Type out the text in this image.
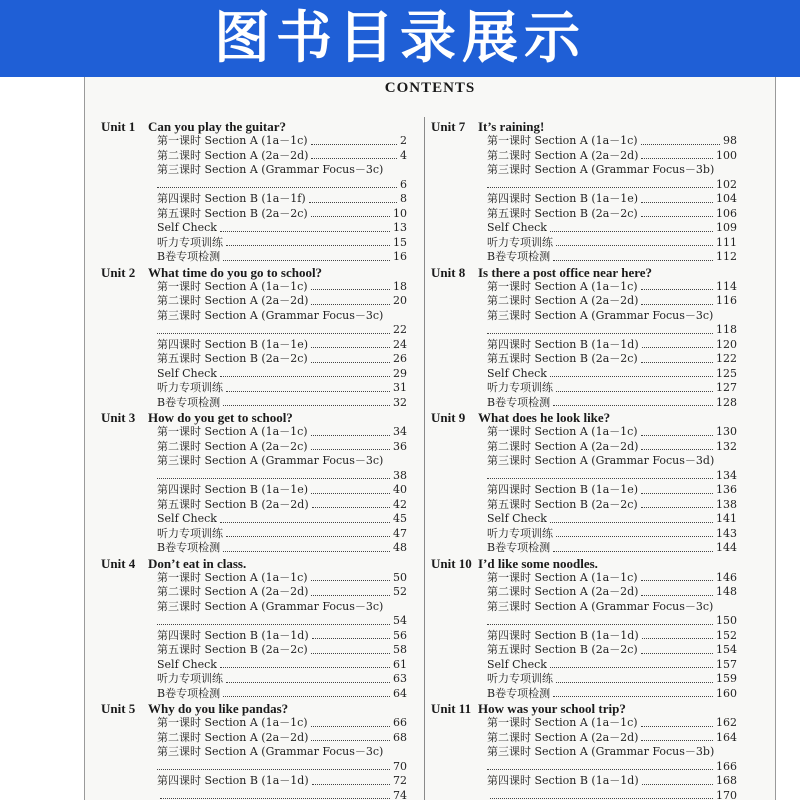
图书目录展示
CONTENTS
Unit 1 Can you play the guitar?
第一课时 Section A (1a－1c)	2
第二课时 Section A (2a－2d)	4
第三课时 Section A (Grammar Focus－3c)
6
第四课时 Section B (1a－1f)	8
第五课时 Section B (2a－2c)	10
Self Check	13
听力专项训练	15
B卷专项检测	16
Unit 2 What time do you go to school?
第一课时 Section A (1a－1c)	18
第二课时 Section A (2a－2d)	20
第三课时 Section A (Grammar Focus－3c)
22
第四课时 Section B (1a－1e)	24
第五课时 Section B (2a－2c)	26
Self Check	29
听力专项训练	31
B卷专项检测	32
Unit 3 How do you get to school?
第一课时 Section A (1a－1c)	34
第二课时 Section A (2a－2c)	36
第三课时 Section A (Grammar Focus－3c)
38
第四课时 Section B (1a－1e)	40
第五课时 Section B (2a－2d)	42
Self Check	45
听力专项训练	47
B卷专项检测	48
Unit 4 Don’t eat in class.
第一课时 Section A (1a－1c)	50
第二课时 Section A (2a－2d)	52
第三课时 Section A (Grammar Focus－3c)
54
第四课时 Section B (1a－1d)	56
第五课时 Section B (2a－2c)	58
Self Check	61
听力专项训练	63
B卷专项检测	64
Unit 5 Why do you like pandas?
第一课时 Section A (1a－1c)	66
第二课时 Section A (2a－2d)	68
第三课时 Section A (Grammar Focus－3c)
70
第四课时 Section B (1a－1d)	72
74
Unit 7 It’s raining!
第一课时 Section A (1a－1c)	98
第二课时 Section A (2a－2d)	100
第三课时 Section A (Grammar Focus－3b)
102
第四课时 Section B (1a－1e)	104
第五课时 Section B (2a－2c)	106
Self Check	109
听力专项训练	111
B卷专项检测	112
Unit 8 Is there a post office near here?
第一课时 Section A (1a－1c)	114
第二课时 Section A (2a－2d)	116
第三课时 Section A (Grammar Focus－3c)
118
第四课时 Section B (1a－1d)	120
第五课时 Section B (2a－2c)	122
Self Check	125
听力专项训练	127
B卷专项检测	128
Unit 9 What does he look like?
第一课时 Section A (1a－1c)	130
第二课时 Section A (2a－2d)	132
第三课时 Section A (Grammar Focus－3d)
134
第四课时 Section B (1a－1e)	136
第五课时 Section B (2a－2c)	138
Self Check	141
听力专项训练	143
B卷专项检测	144
Unit 10 I’d like some noodles.
第一课时 Section A (1a－1c)	146
第二课时 Section A (2a－2d)	148
第三课时 Section A (Grammar Focus－3c)
150
第四课时 Section B (1a－1d)	152
第五课时 Section B (2a－2c)	154
Self Check	157
听力专项训练	159
B卷专项检测	160
Unit 11 How was your school trip?
第一课时 Section A (1a－1c)	162
第二课时 Section A (2a－2d)	164
第三课时 Section A (Grammar Focus－3b)
166
第四课时 Section B (1a－1d)	168
170
